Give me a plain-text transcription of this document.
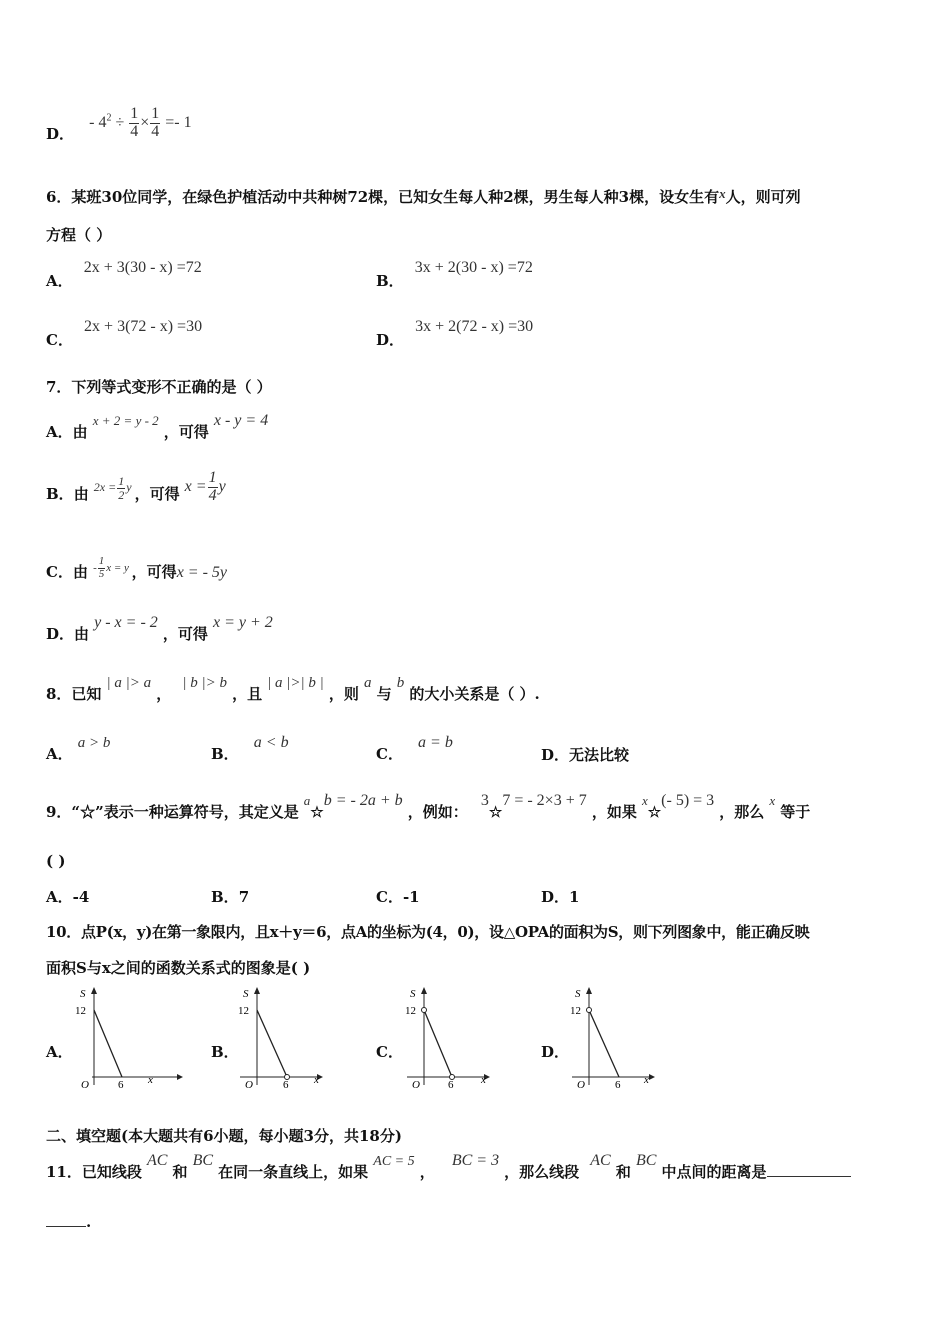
D． - $4^2 \div \frac{1}{4} \times \frac{1}{4} =- 1$
6．某班30位同学，在绿色护植活动中共种树72棵，已知女生每人种2棵，男生每人种3棵，设女生有x人，则可列
方程（ ）
A． 2x + 3(30 - x) =72
B． 3x + 2(30 - x) =72
C． 2x + 3(72 - x) =30
D． 3x + 2(72 - x) =30
7．下列等式变形不正确的是（ ）
A．由 x + 2 = y - 2 ，可得 x - y = 4
B．由 $2x = \frac{1}{2}$ y ，可得 $x = \frac{1}{4}$ y
C．由 - $\frac{1}{5}$ x = y ，可得x = - 5y
D．由 y - x = - 2 ，可得 x = y + 2
8．已知 | a |> a ， | b |> b ，且 | a |>| b | ，则 a 与 b 的大小关系是（ ）.
A． a > b
B． a < b
C． a = b
D．无法比较
9．“☆”表示一种运算符号，其定义是 a☆b = - 2a + b ，例如： 3☆7 = - 2×3 + 7 ，如果 x☆(- 5) = 3 ，那么 x 等于
( )
A．-4	B．7	C．-1	D．1
10．点P(x，y)在第一象限内，且x＋y＝6，点A的坐标为(4，0)，设△OPA的面积为S，则下列图象中，能正确反映
面积S与x之间的函数关系式的图象是( )
A．
S
12
O	6 x
B．
S
12
O	6 x
C．
S
12
O	6	x
D．
S
12
O	6 x
二、填空题(本大题共有6小题，每小题3分，共18分)
11．已知线段 AC 和 BC 在同一条直线上，如果 AC = 5 ， BC = 3 ，那么线段 AC 和 BC 中点间的距离是
.
